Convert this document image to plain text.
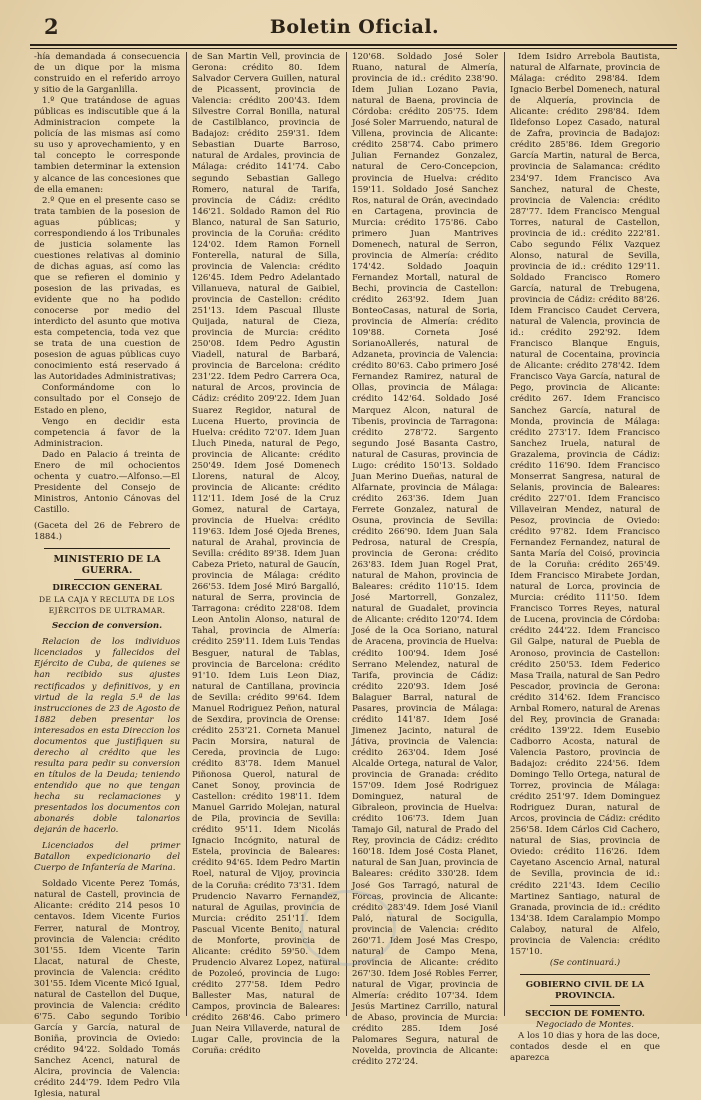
2	Boletin Oficial.

-hía demandada á consecuencia de un dique por la misma construido en el referido arroyo y sitio de la Garganlilla.

1.º Que tratándose de aguas públicas es indiscutible que á la Administracion compete la policía de las mismas así como su uso y aprovechamiento, y en tal concepto le corresponde tambien determinar la extension y alcance de las concesiones que de ella emanen:

2.º Que en el presente caso se trata tambien de la posesion de aguas públicas; y correspondiendo á los Tribunales de justicia solamente las cuestiones relativas al dominio de dichas aguas, así como las que se refieren el dominio y posesion de las privadas, es evidente que no ha podido conocerse por medio del interdicto del asunto que motiva esta competencia, toda vez que se trata de una cuestion de posesion de aguas públicas cuyo conocimiento está reservado á las Autoridades Administrativas;

Conformándome con lo consultado por el Consejo de Estado en pleno,

Vengo en decidir esta competencia á favor de la Administracion.

Dado en Palacio á treinta de Enero de mil ochocientos ochenta y cuatro.—Alfonso.—El Presidente del Consejo de Ministros, Antonio Cánovas del Castillo.

(Gaceta del 26 de Febrero de 1884.)

MINISTERIO DE LA GUERRA.

DIRECCION GENERAL

DE LA CAJA Y RECLUTA DE LOS EJÉRCITOS DE ULTRAMAR.

Seccion de conversion.

Relacion de los individuos licenciados y fallecidos del Ejército de Cuba, de quienes se han recibido sus ajustes rectificados y definitivos, y en virtud de la regla 5.ª de las instrucciones de 23 de Agosto de 1882 deben presentar los interesados en esta Direccion los documentos que justifiquen su derecho al crédito que les resulta para pedir su conversion en títulos de la Deuda; teniendo entendido que no que tengan hecha su reclamaciones y presentados los documentos con abonarés doble talonarios dejarán de hacerlo.

Licenciados del primer Batallon expedicionario del Cuerpo de Infantería de Marina.

Soldado Vicente Perez Tomás, natural de Castell, provincia de Alicante: crédito 214 pesos 10 centavos. Idem Vicente Furios Ferrer, natural de Montroy, provincia de Valencia: crédito 301'55. Idem Vicente Tarin Llacat, natural de Cheste, provincia de Valencia: crédito 301'55. Idem Vicente Micó Igual, natural de Castellon del Duque, provincia de Valencia: crédito 6'75. Cabo segundo Toribio García y García, natural de Boniña, provincia de Oviedo: crédito 94'22. Soldado Tomás Sanchez Acenci, natural de Alcira, provincia de Valencia: crédito 244'79. Idem Pedro Vila Iglesia, natural

de San Martin Vell, provincia de Gerona: crédito 80. Idem Salvador Cervera Guillen, natural de Picassent, provincia de Valencia: crédito 200'43. Idem Silvestre Corral Bonilla, natural de Castilblanco, provincia de Badajoz: crédito 259'31. Idem Sebastian Duarte Barroso, natural de Ardales, provincia de Málaga: crédito 141'74. Cabo segundo Sebastian Gallego Romero, natural de Tarifa, provincia de Cádiz: crédito 146'21. Soldado Ramon del Rio Blanco, natural de San Saturio, provincia de la Coruña: crédito 124'02. Idem Ramon Fornell Fonterella, natural de Silla, provincia de Valencia: crédito 126'45. Idem Pedro Adelantado Villanueva, natural de Gaibiel, provincia de Castellon: crédito 251'13. Idem Pascual Illuste Quijada, natural de Cieza, provincia de Murcia: crédito 250'08. Idem Pedro Agustin Viadell, natural de Barbará, provincia de Barcelona: crédito 231'22. Idem Pedro Carrera Oca, natural de Arcos, provincia de Cádiz: crédito 209'22. Idem Juan Suarez Regidor, natural de Lucena Huerto, provincia de Huelva: crédito 72'07. Idem Juan Lluch Pineda, natural de Pego, provincia de Alicante: crédito 250'49. Idem José Domenech Llorens, natural de Alcoy, provincia de Alicante: crédito 112'11. Idem José de la Cruz Gomez, natural de Cartaya, provincia de Huelva: crédito 119'63. Idem José Ojeda Brenes, natural de Arahal, provincia de Sevilla: crédito 89'38. Idem Juan Cabeza Prieto, natural de Gaucín, provincia de Málaga: crédito 266'53. Idem José Miró Bargalló, natural de Serra, provincia de Tarragona: crédito 228'08. Idem Leon Antolin Alonso, natural de Tahal, provincia de Almería: crédito 259'11. Idem Luis Tendas Besguer, natural de Tablas, provincia de Barcelona: crédito 91'10. Idem Luis Leon Diaz, natural de Cantillana, provincia de Sevilla: crédito 99'64. Idem Manuel Rodriguez Peñon, natural de Sexdira, provincia de Orense: crédito 253'21. Corneta Manuel Pacin Morsira, natural de Cereda, provincia de Lugo: crédito 83'78. Idem Manuel Piñonosa Querol, natural de Canet Sonoy, provincia de Castellon: crédito 198'11. Idem Manuel Garrido Molejan, natural de Pila, provincia de Sevilla: crédito 95'11. Idem Nicolás Ignacio Incógnito, natural de Estela, provincia de Baleares: crédito 94'65. Idem Pedro Martin Roel, natural de Vijoy, provincia de la Coruña: crédito 73'31. Idem Prudencio Navarro Fernandez, natural de Aguilas, provincia de Murcia: crédito 251'11. Idem Pascual Vicente Benito, natural de Monforte, provincia de Alicante: crédito 59'50. Idem Prudencio Alvarez Lopez, natural de Pozoleó, provincia de Lugo: crédito 277'58. Idem Pedro Ballester Mas, natural de Campos, provincia de Baleares: crédito 268'46. Cabo primero Juan Neira Villaverde, natural de Lugar Calle, provincia de la Coruña: crédito

120'68. Soldado José Soler Ruano, natural de Almería, provincia de id.: crédito 238'90. Idem Julian Lozano Pavia, natural de Baena, provincia de Córdoba: crédito 205'75. Idem José Soler Marruendo, natural de Villena, provincia de Alicante: crédito 258'74. Cabo primero Julian Fernandez Gonzalez, natural de Cero-Concepcion, provincia de Huelva: crédito 159'11. Soldado José Sanchez Ros, natural de Orán, avecindado en Cartagena, provincia de Murcia: crédito 175'86. Cabo primero Juan Mantrives Domenech, natural de Serron, provincia de Almería: crédito 174'42. Soldado Joaquin Fernandez Mortall, natural de Bechi, provincia de Castellon: crédito 263'92. Idem Juan BonteoCasas, natural de Soria, provincia de Almería: crédito 109'88. Corneta José SorianoAllerés, natural de Adzaneta, provincia de Valencia: crédito 80'63. Cabo primero José Fernandez Ramirez, natural de Ollas, provincia de Málaga: crédito 142'64. Soldado José Marquez Alcon, natural de Tibenis, provincia de Tarragona: crédito 278'72. Sargento segundo José Basanta Castro, natural de Casuras, provincia de Lugo: crédito 150'13. Soldado Juan Merino Dueñas, natural de Alfarnate, provincia de Málaga: crédito 263'36. Idem Juan Ferrete Gonzalez, natural de Osuna, provincia de Sevilla: crédito 266'90. Idem Juan Sala Pedrosa, natural de Crespía, provincia de Gerona: crédito 263'83. Idem Juan Rogel Prat, natural de Mahon, provincia de Baleares: crédito 110'15. Idem José Martorrell, Gonzalez, natural de Guadalet, provincia de Alicante: crédito 120'74. Idem José de la Oca Soriano, natural de Aracena, provincia de Huelva: crédito 100'94. Idem José Serrano Melendez, natural de Tarifa, provincia de Cádiz: crédito 220'93. Idem José Balaguer Barral, natural de Pasares, provincia de Málaga: crédito 141'87. Idem José Jimenez Jacinto, natural de Játiva, provincia de Valencia: crédito 263'04. Idem José Alcalde Ortega, natural de Valor, provincia de Granada: crédito 157'09. Idem José Rodriguez Dominguez, natural de Gibraleon, provincia de Huelva: crédito 106'73. Idem Juan Tamajo Gil, natural de Prado del Rey, provincia de Cádiz: crédito 160'18. Idem José Costa Planet, natural de San Juan, provincia de Baleares: crédito 330'28. Idem José Gos Tarragó, natural de Forcas, provincia de Alicante: crédito 283'49. Idem José Vianil Paló, natural de Socigulla, provincia de Valencia: crédito 260'71. Idem José Mas Crespo, natural de Campo Mena, provincia de Alicante: crédito 267'30. Idem José Robles Ferrer, natural de Vigar, provincia de Almería: crédito 107'34. Idem Jesús Martinez Carrillo, natural de Abaso, provincia de Murcia: crédito 285. Idem José Palomares Segura, natural de Novelda, provincia de Alicante: crédito 272'24.

Idem Isidro Arrebola Bautista, natural de Alfarnate, provincia de Málaga: crédito 298'84. Idem Ignacio Berbel Domenech, natural de Alquería, provincia de Alicante: crédito 298'84. Idem Ildefonso Lopez Casado, natural de Zafra, provincia de Badajoz: crédito 285'86. Idem Gregorio García Martin, natural de Berca, provincia de Salamanca: crédito 234'97. Idem Francisco Ava Sanchez, natural de Cheste, provincia de Valencia: crédito 287'77. Idem Francisco Mengual Torres, natural de Castellon, provincia de id.: crédito 222'81. Cabo segundo Félix Vazquez Alonso, natural de Sevilla, provincia de id.: crédito 129'11. Soldado Francisco Romero García, natural de Trebugena, provincia de Cádiz: crédito 88'26. Idem Francisco Caudet Cervera, natural de Valencia, provincia de id.: crédito 292'92. Idem Francisco Blanque Enguis, natural de Cocentaina, provincia de Alicante: crédito 278'42. Idem Francisco Vaya García, natural de Pego, provincia de Alicante: crédito 267. Idem Francisco Sanchez García, natural de Monda, provincia de Málaga: crédito 273'17. Idem Francisco Sanchez Iruela, natural de Grazalema, provincia de Cádiz: crédito 116'90. Idem Francisco Monserrat Sangresa, natural de Selanis, provincia de Baleares: crédito 227'01. Idem Francisco Villaveiran Mendez, natural de Pesoz, provincia de Oviedo: crédito 97'82. Idem Francisco Fernandez Fernandez, natural de Santa María del Coisó, provincia de la Coruña: crédito 265'49. Idem Francisco Mirabete Jordan, natural de Lorca, provincia de Murcia: crédito 111'50. Idem Francisco Torres Reyes, natural de Lucena, provincia de Córdoba: crédito 244'22. Idem Francisco Gil Galpe, natural de Puebla de Aronoso, provincia de Castellon: crédito 250'53. Idem Federico Masa Traila, natural de San Pedro Pescador, provincia de Gerona: crédito 314'62. Idem Francisco Arnbal Romero, natural de Arenas del Rey, provincia de Granada: crédito 139'22. Idem Eusebio Cadborro Acosta, natural de Valencia Pastoro, provincia de Badajoz: crédito 224'56. Idem Domingo Tello Ortega, natural de Torrez, provincia de Málaga: crédito 251'97. Idem Dominguez Rodriguez Duran, natural de Arcos, provincia de Cádiz: crédito 256'58. Idem Cárlos Cid Cachero, natural de Sias, provincia de Oviedo: crédito 116'26. Idem Cayetano Ascencio Arnal, natural de Sevilla, provincia de id.: crédito 221'43. Idem Cecilio Martinez Santiago, natural de Granada, provincia de id.: crédito 134'38. Idem Caralampio Mompo Calaboy, natural de Alfelo, provincia de Valencia: crédito 157'10.

(Se continuará.)

GOBIERNO CIVIL DE LA PROVINCIA.

SECCION DE FOMENTO.

Negociado de Montes.

A los 10 dias y hora de las doce, contados desde el en que aparezca
